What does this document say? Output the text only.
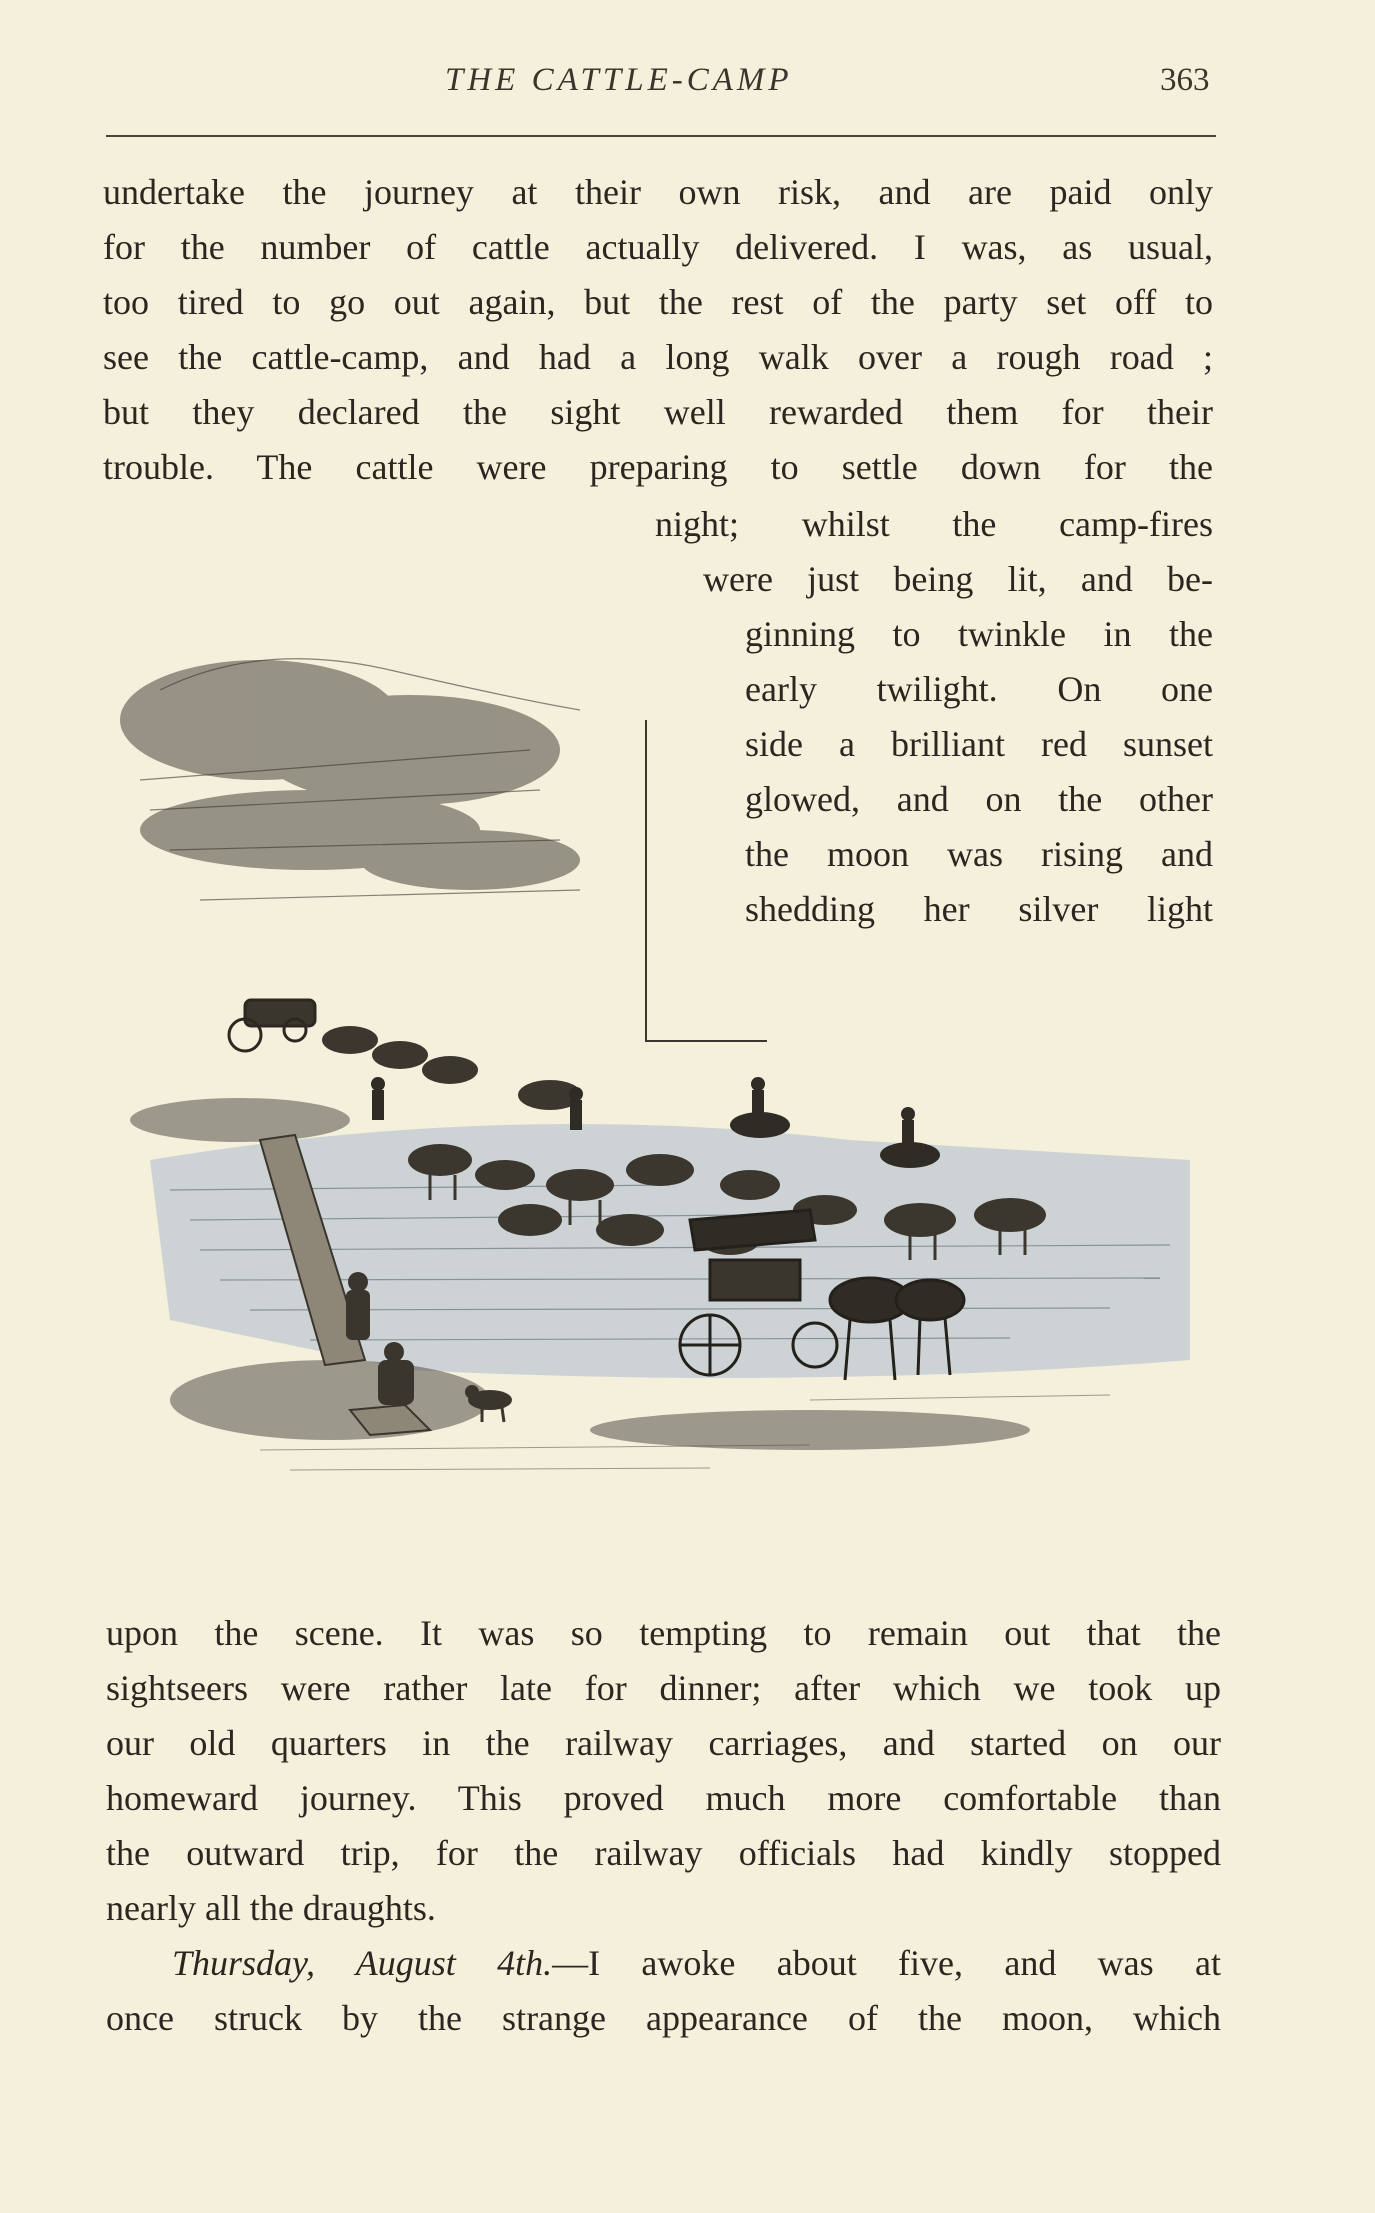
THE CATTLE-CAMP	363

undertake the journey at their own risk, and are paid only

for the number of cattle actually delivered. I was, as usual,

too tired to go out again, but the rest of the party set off to

see the cattle-camp, and had a long walk over a rough road ;

but they declared the sight well rewarded them for their

trouble. The cattle were preparing to settle down for the

night; whilst the camp-fires

were just being lit, and be-

ginning to twinkle in the

early twilight. On one

side a brilliant red sunset

glowed, and on the other

the moon was rising and

shedding her silver light

upon the scene. It was so tempting to remain out that the

sightseers were rather late for dinner; after which we took up

our old quarters in the railway carriages, and started on our

homeward journey. This proved much more comfortable than

the outward trip, for the railway officials had kindly stopped

nearly all the draughts.

Thursday, August 4th.—I awoke about five, and was at

once struck by the strange appearance of the moon, which
